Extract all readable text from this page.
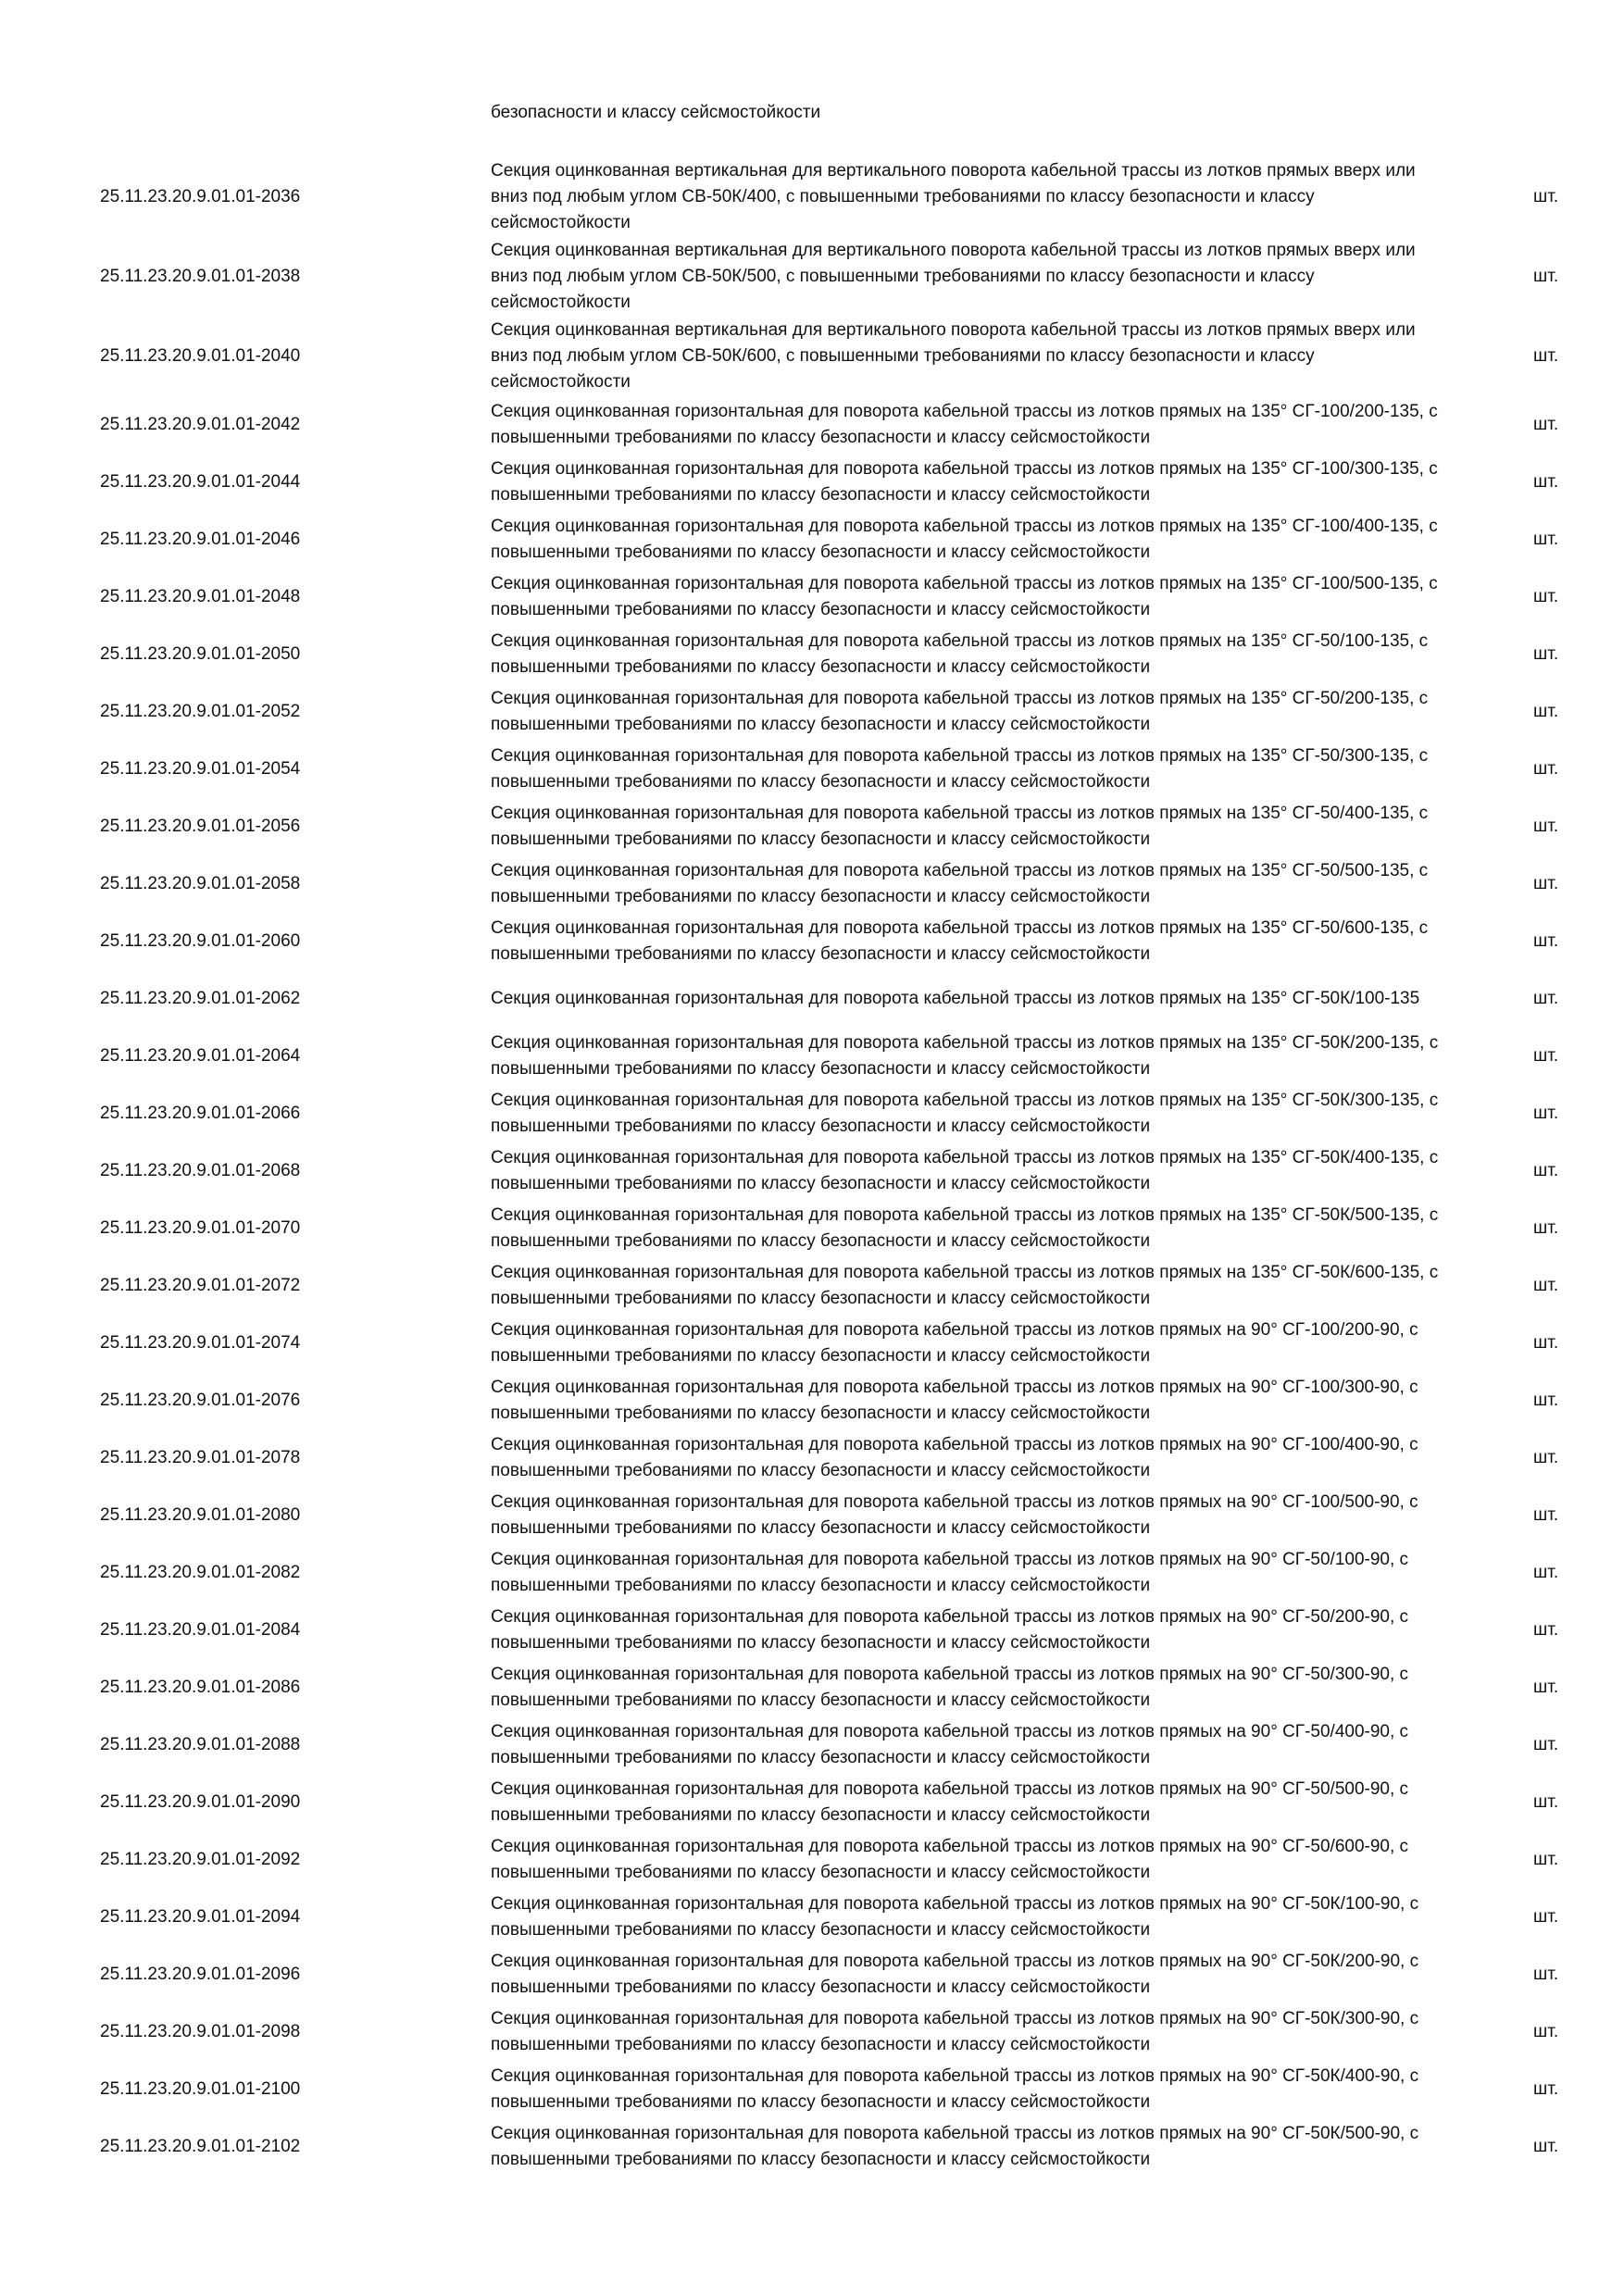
безопасности и классу сейсмостойкости
25.11.23.20.9.01.01-2036
Секция оцинкованная вертикальная для вертикального поворота кабельной трассы из лотков прямых вверх или вниз под любым углом СВ-50К/400, с повышенными требованиями по классу безопасности и классу сейсмостойкости
шт.
25.11.23.20.9.01.01-2038
Секция оцинкованная вертикальная для вертикального поворота кабельной трассы из лотков прямых вверх или вниз под любым углом СВ-50К/500, с повышенными требованиями по классу безопасности и классу сейсмостойкости
шт.
25.11.23.20.9.01.01-2040
Секция оцинкованная вертикальная для вертикального поворота кабельной трассы из лотков прямых вверх или вниз под любым углом СВ-50К/600, с повышенными требованиями по классу безопасности и классу сейсмостойкости
шт.
25.11.23.20.9.01.01-2042
Секция оцинкованная горизонтальная для поворота кабельной трассы из лотков прямых на 135° СГ-100/200-135, с повышенными требованиями по классу безопасности и классу сейсмостойкости
шт.
25.11.23.20.9.01.01-2044
Секция оцинкованная горизонтальная для поворота кабельной трассы из лотков прямых на 135° СГ-100/300-135, с повышенными требованиями по классу безопасности и классу сейсмостойкости
шт.
25.11.23.20.9.01.01-2046
Секция оцинкованная горизонтальная для поворота кабельной трассы из лотков прямых на 135° СГ-100/400-135, с повышенными требованиями по классу безопасности и классу сейсмостойкости
шт.
25.11.23.20.9.01.01-2048
Секция оцинкованная горизонтальная для поворота кабельной трассы из лотков прямых на 135° СГ-100/500-135, с повышенными требованиями по классу безопасности и классу сейсмостойкости
шт.
25.11.23.20.9.01.01-2050
Секция оцинкованная горизонтальная для поворота кабельной трассы из лотков прямых на 135° СГ-50/100-135, с повышенными требованиями по классу безопасности и классу сейсмостойкости
шт.
25.11.23.20.9.01.01-2052
Секция оцинкованная горизонтальная для поворота кабельной трассы из лотков прямых на 135° СГ-50/200-135, с повышенными требованиями по классу безопасности и классу сейсмостойкости
шт.
25.11.23.20.9.01.01-2054
Секция оцинкованная горизонтальная для поворота кабельной трассы из лотков прямых на 135° СГ-50/300-135, с повышенными требованиями по классу безопасности и классу сейсмостойкости
шт.
25.11.23.20.9.01.01-2056
Секция оцинкованная горизонтальная для поворота кабельной трассы из лотков прямых на 135° СГ-50/400-135, с повышенными требованиями по классу безопасности и классу сейсмостойкости
шт.
25.11.23.20.9.01.01-2058
Секция оцинкованная горизонтальная для поворота кабельной трассы из лотков прямых на 135° СГ-50/500-135, с повышенными требованиями по классу безопасности и классу сейсмостойкости
шт.
25.11.23.20.9.01.01-2060
Секция оцинкованная горизонтальная для поворота кабельной трассы из лотков прямых на 135° СГ-50/600-135, с повышенными требованиями по классу безопасности и классу сейсмостойкости
шт.
25.11.23.20.9.01.01-2062	Секция оцинкованная горизонтальная для поворота кабельной трассы из лотков прямых на 135° СГ-50К/100-135	шт.
25.11.23.20.9.01.01-2064
Секция оцинкованная горизонтальная для поворота кабельной трассы из лотков прямых на 135° СГ-50К/200-135, с повышенными требованиями по классу безопасности и классу сейсмостойкости
шт.
25.11.23.20.9.01.01-2066
Секция оцинкованная горизонтальная для поворота кабельной трассы из лотков прямых на 135° СГ-50К/300-135, с повышенными требованиями по классу безопасности и классу сейсмостойкости
шт.
25.11.23.20.9.01.01-2068
Секция оцинкованная горизонтальная для поворота кабельной трассы из лотков прямых на 135° СГ-50К/400-135, с повышенными требованиями по классу безопасности и классу сейсмостойкости
шт.
25.11.23.20.9.01.01-2070
Секция оцинкованная горизонтальная для поворота кабельной трассы из лотков прямых на 135° СГ-50К/500-135, с повышенными требованиями по классу безопасности и классу сейсмостойкости
шт.
25.11.23.20.9.01.01-2072
Секция оцинкованная горизонтальная для поворота кабельной трассы из лотков прямых на 135° СГ-50К/600-135, с повышенными требованиями по классу безопасности и классу сейсмостойкости
шт.
25.11.23.20.9.01.01-2074
Секция оцинкованная горизонтальная для поворота кабельной трассы из лотков прямых на 90° СГ-100/200-90, с повышенными требованиями по классу безопасности и классу сейсмостойкости
шт.
25.11.23.20.9.01.01-2076
Секция оцинкованная горизонтальная для поворота кабельной трассы из лотков прямых на 90° СГ-100/300-90, с повышенными требованиями по классу безопасности и классу сейсмостойкости
шт.
25.11.23.20.9.01.01-2078
Секция оцинкованная горизонтальная для поворота кабельной трассы из лотков прямых на 90° СГ-100/400-90, с повышенными требованиями по классу безопасности и классу сейсмостойкости
шт.
25.11.23.20.9.01.01-2080
Секция оцинкованная горизонтальная для поворота кабельной трассы из лотков прямых на 90° СГ-100/500-90, с повышенными требованиями по классу безопасности и классу сейсмостойкости
шт.
25.11.23.20.9.01.01-2082
Секция оцинкованная горизонтальная для поворота кабельной трассы из лотков прямых на 90° СГ-50/100-90, с повышенными требованиями по классу безопасности и классу сейсмостойкости
шт.
25.11.23.20.9.01.01-2084
Секция оцинкованная горизонтальная для поворота кабельной трассы из лотков прямых на 90° СГ-50/200-90, с повышенными требованиями по классу безопасности и классу сейсмостойкости
шт.
25.11.23.20.9.01.01-2086
Секция оцинкованная горизонтальная для поворота кабельной трассы из лотков прямых на 90° СГ-50/300-90, с повышенными требованиями по классу безопасности и классу сейсмостойкости
шт.
25.11.23.20.9.01.01-2088
Секция оцинкованная горизонтальная для поворота кабельной трассы из лотков прямых на 90° СГ-50/400-90, с повышенными требованиями по классу безопасности и классу сейсмостойкости
шт.
25.11.23.20.9.01.01-2090
Секция оцинкованная горизонтальная для поворота кабельной трассы из лотков прямых на 90° СГ-50/500-90, с повышенными требованиями по классу безопасности и классу сейсмостойкости
шт.
25.11.23.20.9.01.01-2092
Секция оцинкованная горизонтальная для поворота кабельной трассы из лотков прямых на 90° СГ-50/600-90, с повышенными требованиями по классу безопасности и классу сейсмостойкости
шт.
25.11.23.20.9.01.01-2094
Секция оцинкованная горизонтальная для поворота кабельной трассы из лотков прямых на 90° СГ-50К/100-90, с повышенными требованиями по классу безопасности и классу сейсмостойкости
шт.
25.11.23.20.9.01.01-2096
Секция оцинкованная горизонтальная для поворота кабельной трассы из лотков прямых на 90° СГ-50К/200-90, с повышенными требованиями по классу безопасности и классу сейсмостойкости
шт.
25.11.23.20.9.01.01-2098
Секция оцинкованная горизонтальная для поворота кабельной трассы из лотков прямых на 90° СГ-50К/300-90, с повышенными требованиями по классу безопасности и классу сейсмостойкости
шт.
25.11.23.20.9.01.01-2100
Секция оцинкованная горизонтальная для поворота кабельной трассы из лотков прямых на 90° СГ-50К/400-90, с повышенными требованиями по классу безопасности и классу сейсмостойкости
шт.
25.11.23.20.9.01.01-2102
Секция оцинкованная горизонтальная для поворота кабельной трассы из лотков прямых на 90° СГ-50К/500-90, с повышенными требованиями по классу безопасности и классу сейсмостойкости
шт.
